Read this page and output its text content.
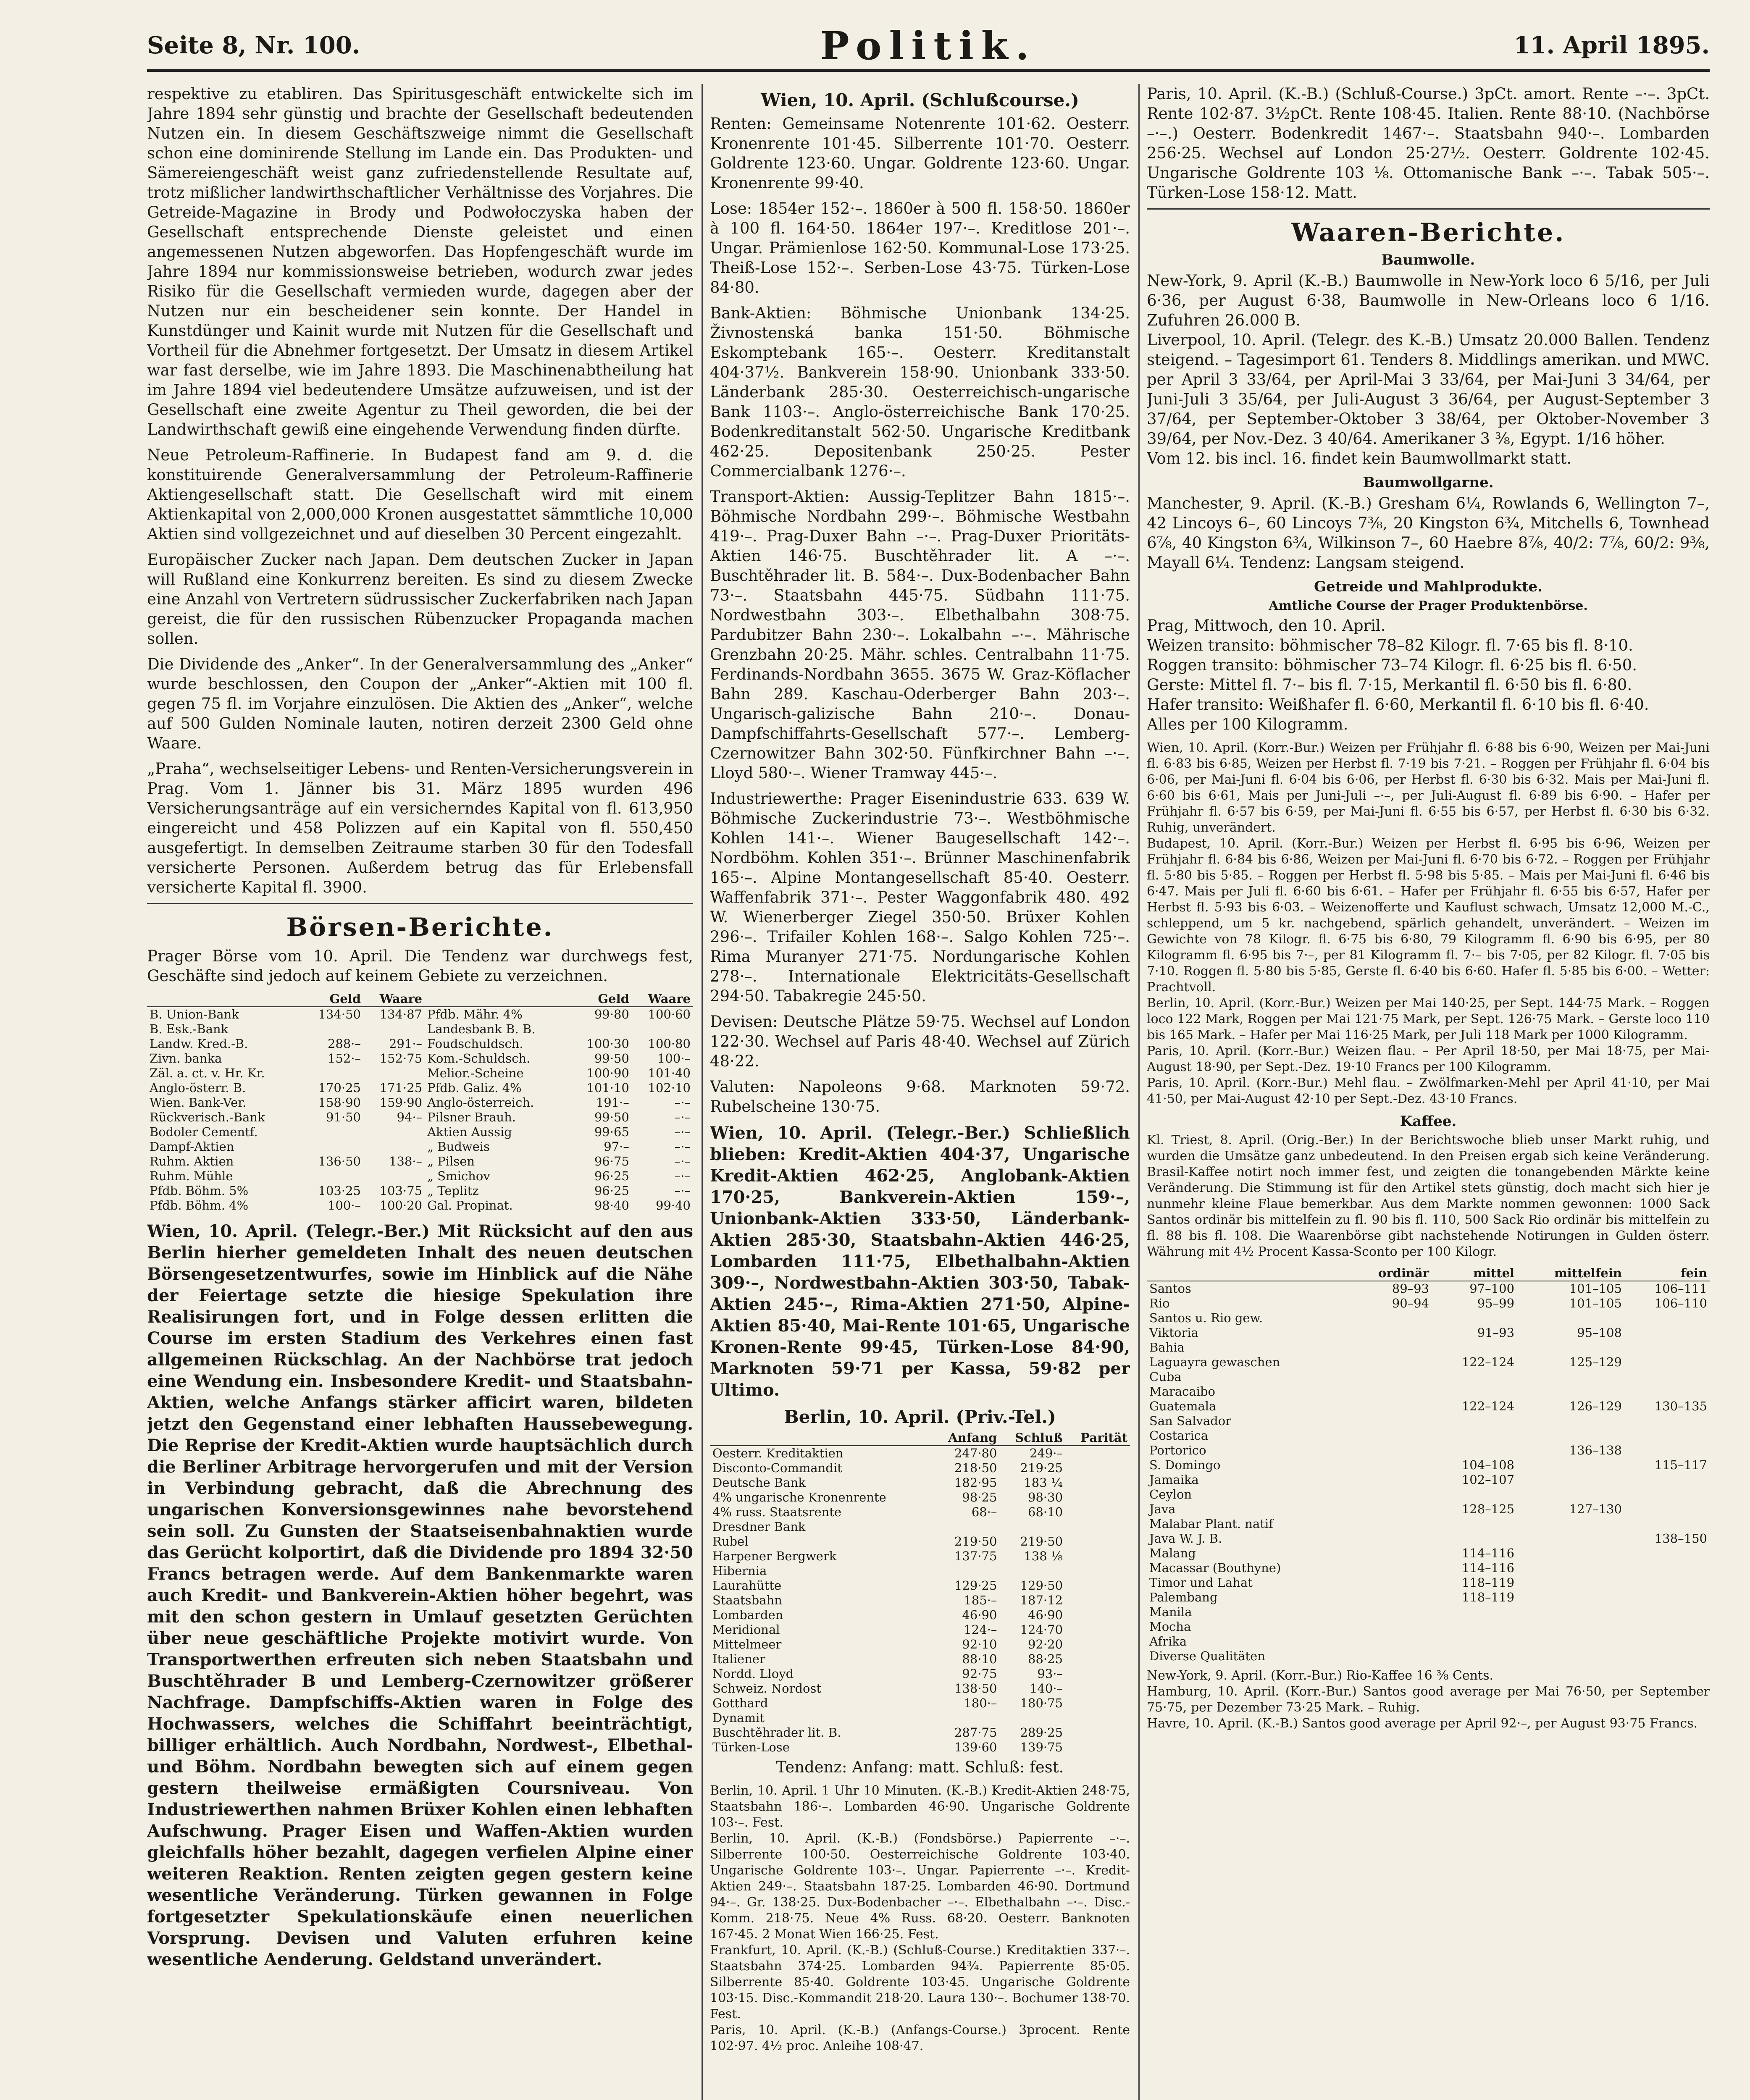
Seite 8, Nr. 100.	Politik.	11. April 1895.

respektive zu etabliren. Das Spiritusgeschäft entwickelte sich im Jahre 1894 sehr günstig und brachte der Gesellschaft bedeutenden Nutzen ein. In diesem Geschäftszweige nimmt die Gesellschaft schon eine dominirende Stellung im Lande ein. Das Produkten- und Sämereiengeschäft weist ganz zufriedenstellende Resultate auf, trotz mißlicher landwirthschaftlicher Verhältnisse des Vorjahres. Die Getreide-Magazine in Brody und Podwołoczyska haben der Gesellschaft entsprechende Dienste geleistet und einen angemessenen Nutzen abgeworfen. Das Hopfengeschäft wurde im Jahre 1894 nur kommissionsweise betrieben, wodurch zwar jedes Risiko für die Gesellschaft vermieden wurde, dagegen aber der Nutzen nur ein bescheidener sein konnte. Der Handel in Kunstdünger und Kainit wurde mit Nutzen für die Gesellschaft und Vortheil für die Abnehmer fortgesetzt. Der Umsatz in diesem Artikel war fast derselbe, wie im Jahre 1893. Die Maschinenabtheilung hat im Jahre 1894 viel bedeutendere Umsätze aufzuweisen, und ist der Gesellschaft eine zweite Agentur zu Theil geworden, die bei der Landwirthschaft gewiß eine eingehende Verwendung finden dürfte.

Neue Petroleum-Raffinerie. In Budapest fand am 9. d. die konstituirende Generalversammlung der Petroleum-Raffinerie Aktiengesellschaft statt. Die Gesellschaft wird mit einem Aktienkapital von 2,000,000 Kronen ausgestattet sämmtliche 10,000 Aktien sind vollgezeichnet und auf dieselben 30 Percent eingezahlt.

Europäischer Zucker nach Japan. Dem deutschen Zucker in Japan will Rußland eine Konkurrenz bereiten. Es sind zu diesem Zwecke eine Anzahl von Vertretern südrussischer Zuckerfabriken nach Japan gereist, die für den russischen Rübenzucker Propaganda machen sollen.

Die Dividende des „Anker“. In der Generalversammlung des „Anker“ wurde beschlossen, den Coupon der „Anker“-Aktien mit 100 fl. gegen 75 fl. im Vorjahre einzulösen. Die Aktien des „Anker“, welche auf 500 Gulden Nominale lauten, notiren derzeit 2300 Geld ohne Waare.

„Praha“, wechselseitiger Lebens- und Renten-Versicherungsverein in Prag. Vom 1. Jänner bis 31. März 1895 wurden 496 Versicherungsanträge auf ein versicherndes Kapital von fl. 613,950 eingereicht und 458 Polizzen auf ein Kapital von fl. 550,450 ausgefertigt. In demselben Zeitraume starben 30 für den Todesfall versicherte Personen. Außerdem betrug das für Erlebensfall versicherte Kapital fl. 3900.

Börsen-Berichte.

Prager Börse vom 10. April. Die Tendenz war durchwegs fest, Geschäfte sind jedoch auf keinem Gebiete zu verzeichnen.

	Geld	Waare		Geld	Waare
B. Union-Bank	134·50	134·87	Pfdb. Mähr. 4%	99·80	100·60
B. Esk.-Bank			Landesbank B. B.		
Landw. Kred.-B.	288·–	291·–	Foudschuldsch.	100·30	100·80
Zivn. banka	152·–	152·75	Kom.-Schuldsch.	99·50	100·–
Zäl. a. ct. v. Hr. Kr.			Melior.-Scheine	100·90	101·40
Anglo-österr. B.	170·25	171·25	Pfdb. Galiz. 4%	101·10	102·10
Wien. Bank-Ver.	158·90	159·90	Anglo-österreich.	191·–	–·–
Rückverisch.-Bank	91·50	94·–	Pilsner Brauh.	99·50	–·–
Bodoler Cementf.			Aktien Aussig	99·65	–·–
Dampf-Aktien			„ Budweis	97·–	–·–
Ruhm. Aktien	136·50	138·–	„ Pilsen	96·75	–·–
Ruhm. Mühle			„ Smichov	96·25	–·–
Pfdb. Böhm. 5%	103·25	103·75	„ Teplitz	96·25	–·–
Pfdb. Böhm. 4%	100·–	100·20	Gal. Propinat.	98·40	99·40

Wien, 10. April. (Telegr.-Ber.) Mit Rücksicht auf den aus Berlin hierher gemeldeten Inhalt des neuen deutschen Börsengesetzentwurfes, sowie im Hinblick auf die Nähe der Feiertage setzte die hiesige Spekulation ihre Realisirungen fort, und in Folge dessen erlitten die Course im ersten Stadium des Verkehres einen fast allgemeinen Rückschlag. An der Nachbörse trat jedoch eine Wendung ein. Insbesondere Kredit- und Staatsbahn-Aktien, welche Anfangs stärker afficirt waren, bildeten jetzt den Gegenstand einer lebhaften Haussebewegung. Die Reprise der Kredit-Aktien wurde hauptsächlich durch die Berliner Arbitrage hervorgerufen und mit der Version in Verbindung gebracht, daß die Abrechnung des ungarischen Konversionsgewinnes nahe bevorstehend sein soll. Zu Gunsten der Staatseisenbahnaktien wurde das Gerücht kolportirt, daß die Dividende pro 1894 32·50 Francs betragen werde. Auf dem Bankenmarkte waren auch Kredit- und Bankverein-Aktien höher begehrt, was mit den schon gestern in Umlauf gesetzten Gerüchten über neue geschäftliche Projekte motivirt wurde. Von Transportwerthen erfreuten sich neben Staatsbahn und Buschtěhrader B und Lemberg-Czernowitzer größerer Nachfrage. Dampfschiffs-Aktien waren in Folge des Hochwassers, welches die Schiffahrt beeinträchtigt, billiger erhältlich. Auch Nordbahn, Nordwest-, Elbethal- und Böhm. Nordbahn bewegten sich auf einem gegen gestern theilweise ermäßigten Coursniveau. Von Industriewerthen nahmen Brüxer Kohlen einen lebhaften Aufschwung. Prager Eisen und Waffen-Aktien wurden gleichfalls höher bezahlt, dagegen verfielen Alpine einer weiteren Reaktion. Renten zeigten gegen gestern keine wesentliche Veränderung. Türken gewannen in Folge fortgesetzter Spekulationskäufe einen neuerlichen Vorsprung. Devisen und Valuten erfuhren keine wesentliche Aenderung. Geldstand unverändert.

Wien, 10. April. (Schlußcourse.)

Renten: Gemeinsame Notenrente 101·62. Oesterr. Kronenrente 101·45. Silberrente 101·70. Oesterr. Goldrente 123·60. Ungar. Goldrente 123·60. Ungar. Kronenrente 99·40.

Lose: 1854er 152·–. 1860er à 500 fl. 158·50. 1860er à 100 fl. 164·50. 1864er 197·–. Kreditlose 201·–. Ungar. Prämienlose 162·50. Kommunal-Lose 173·25. Theiß-Lose 152·–. Serben-Lose 43·75. Türken-Lose 84·80.

Bank-Aktien: Böhmische Unionbank 134·25. Živnostenská banka 151·50. Böhmische Eskomptebank 165·–. Oesterr. Kreditanstalt 404·37½. Bankverein 158·90. Unionbank 333·50. Länderbank 285·30. Oesterreichisch-ungarische Bank 1103·–. Anglo-österreichische Bank 170·25. Bodenkreditanstalt 562·50. Ungarische Kreditbank 462·25. Depositenbank 250·25. Pester Commercialbank 1276·–.

Transport-Aktien: Aussig-Teplitzer Bahn 1815·–. Böhmische Nordbahn 299·–. Böhmische Westbahn 419·–. Prag-Duxer Bahn –·–. Prag-Duxer Prioritäts-Aktien 146·75. Buschtěhrader lit. A –·–. Buschtěhrader lit. B. 584·–. Dux-Bodenbacher Bahn 73·–. Staatsbahn 445·75. Südbahn 111·75. Nordwestbahn 303·–. Elbethalbahn 308·75. Pardubitzer Bahn 230·–. Lokalbahn –·–. Mährische Grenzbahn 20·25. Mähr. schles. Centralbahn 11·75. Ferdinands-Nordbahn 3655. 3675 W. Graz-Köflacher Bahn 289. Kaschau-Oderberger Bahn 203·–. Ungarisch-galizische Bahn 210·–. Donau-Dampfschiffahrts-Gesellschaft 577·–. Lemberg-Czernowitzer Bahn 302·50. Fünfkirchner Bahn –·–. Lloyd 580·–. Wiener Tramway 445·–.

Industriewerthe: Prager Eisenindustrie 633. 639 W. Böhmische Zuckerindustrie 73·–. Westböhmische Kohlen 141·–. Wiener Baugesellschaft 142·–. Nordböhm. Kohlen 351·–. Brünner Maschinenfabrik 165·–. Alpine Montangesellschaft 85·40. Oesterr. Waffenfabrik 371·–. Pester Waggonfabrik 480. 492 W. Wienerberger Ziegel 350·50. Brüxer Kohlen 296·–. Trifailer Kohlen 168·–. Salgo Kohlen 725·–. Rima Muranyer 271·75. Nordungarische Kohlen 278·–. Internationale Elektricitäts-Gesellschaft 294·50. Tabakregie 245·50.

Devisen: Deutsche Plätze 59·75. Wechsel auf London 122·30. Wechsel auf Paris 48·40. Wechsel auf Zürich 48·22.

Valuten: Napoleons 9·68. Marknoten 59·72. Rubelscheine 130·75.

Wien, 10. April. (Telegr.-Ber.) Schließlich blieben: Kredit-Aktien 404·37, Ungarische Kredit-Aktien 462·25, Anglobank-Aktien 170·25, Bankverein-Aktien 159·–, Unionbank-Aktien 333·50, Länderbank-Aktien 285·30, Staatsbahn-Aktien 446·25, Lombarden 111·75, Elbethalbahn-Aktien 309·–, Nordwestbahn-Aktien 303·50, Tabak-Aktien 245·–, Rima-Aktien 271·50, Alpine-Aktien 85·40, Mai-Rente 101·65, Ungarische Kronen-Rente 99·45, Türken-Lose 84·90, Marknoten 59·71 per Kassa, 59·82 per Ultimo.

Berlin, 10. April. (Priv.-Tel.)
	Anfang	Schluß	Parität
Oesterr. Kreditaktien	247·80	249·–	
Disconto-Commandit	218·50	219·25	
Deutsche Bank	182·95	183 ¼	
4% ungarische Kronenrente	98·25	98·30	
4% russ. Staatsrente	68·–	68·10	
Dresdner Bank			
Rubel	219·50	219·50	
Harpener Bergwerk	137·75	138 ⅛	
Hibernia			
Laurahütte	129·25	129·50	
Staatsbahn	185·–	187·12	
Lombarden	46·90	46·90	
Meridional	124·–	124·70	
Mittelmeer	92·10	92·20	
Italiener	88·10	88·25	
Nordd. Lloyd	92·75	93·–	
Schweiz. Nordost	138·50	140·–	
Gotthard	180·–	180·75	
Dynamit			
Buschtěhrader lit. B.	287·75	289·25	
Türken-Lose	139·60	139·75	

Tendenz: Anfang: matt. Schluß: fest.

Berlin, 10. April. 1 Uhr 10 Minuten. (K.-B.) Kredit-Aktien 248·75, Staatsbahn 186·–. Lombarden 46·90. Ungarische Goldrente 103·–. Fest.
Berlin, 10. April. (K.-B.) (Fondsbörse.) Papierrente –·–. Silberrente 100·50. Oesterreichische Goldrente 103·40. Ungarische Goldrente 103·–. Ungar. Papierrente –·–. Kredit-Aktien 249·–. Staatsbahn 187·25. Lombarden 46·90. Dortmund 94·–. Gr. 138·25. Dux-Bodenbacher –·–. Elbethalbahn –·–. Disc.-Komm. 218·75. Neue 4% Russ. 68·20. Oesterr. Banknoten 167·45. 2 Monat Wien 166·25. Fest.
Frankfurt, 10. April. (K.-B.) (Schluß-Course.) Kreditaktien 337·–. Staatsbahn 374·25. Lombarden 94¾. Papierrente 85·05. Silberrente 85·40. Goldrente 103·45. Ungarische Goldrente 103·15. Disc.-Kommandit 218·20. Laura 130·–. Bochumer 138·70. Fest.
Paris, 10. April. (K.-B.) (Anfangs-Course.) 3procent. Rente 102·97. 4½ proc. Anleihe 108·47.

Paris, 10. April. (K.-B.) (Schluß-Course.) 3pCt. amort. Rente –·–. 3pCt. Rente 102·87. 3½pCt. Rente 108·45. Italien. Rente 88·10. (Nachbörse –·–.) Oesterr. Bodenkredit 1467·–. Staatsbahn 940·–. Lombarden 256·25. Wechsel auf London 25·27½. Oesterr. Goldrente 102·45. Ungarische Goldrente 103 ⅛. Ottomanische Bank –·–. Tabak 505·–. Türken-Lose 158·12. Matt.

Waaren-Berichte.
Baumwolle.

New-York, 9. April (K.-B.) Baumwolle in New-York loco 6 5/16, per Juli 6·36, per August 6·38, Baumwolle in New-Orleans loco 6 1/16. Zufuhren 26.000 B.
Liverpool, 10. April. (Telegr. des K.-B.) Umsatz 20.000 Ballen. Tendenz steigend. – Tagesimport 61. Tenders 8. Middlings amerikan. und MWC. per April 3 33/64, per April-Mai 3 33/64, per Mai-Juni 3 34/64, per Juni-Juli 3 35/64, per Juli-August 3 36/64, per August-September 3 37/64, per September-Oktober 3 38/64, per Oktober-November 3 39/64, per Nov.-Dez. 3 40/64. Amerikaner 3 ⅜, Egypt. 1/16 höher.
Vom 12. bis incl. 16. findet kein Baumwollmarkt statt.

Baumwollgarne.

Manchester, 9. April. (K.-B.) Gresham 6¼, Rowlands 6, Wellington 7–, 42 Lincoys 6–, 60 Lincoys 7⅜, 20 Kingston 6¾, Mitchells 6, Townhead 6⅞, 40 Kingston 6¾, Wilkinson 7–, 60 Haebre 8⅞, 40/2: 7⅞, 60/2: 9⅜, Mayall 6¼. Tendenz: Langsam steigend.

Getreide und Mahlprodukte.
Amtliche Course der Prager Produktenbörse.

Prag, Mittwoch, den 10. April.
Weizen transito: böhmischer 78–82 Kilogr. fl. 7·65 bis fl. 8·10.
Roggen transito: böhmischer 73–74 Kilogr. fl. 6·25 bis fl. 6·50.
Gerste: Mittel fl. 7·– bis fl. 7·15, Merkantil fl. 6·50 bis fl. 6·80.
Hafer transito: Weißhafer fl. 6·60, Merkantil fl. 6·10 bis fl. 6·40.
Alles per 100 Kilogramm.

Wien, 10. April. (Korr.-Bur.) Weizen per Frühjahr fl. 6·88 bis 6·90, Weizen per Mai-Juni fl. 6·83 bis 6·85, Weizen per Herbst fl. 7·19 bis 7·21. – Roggen per Frühjahr fl. 6·04 bis 6·06, per Mai-Juni fl. 6·04 bis 6·06, per Herbst fl. 6·30 bis 6·32. Mais per Mai-Juni fl. 6·60 bis 6·61, Mais per Juni-Juli –·–, per Juli-August fl. 6·89 bis 6·90. – Hafer per Frühjahr fl. 6·57 bis 6·59, per Mai-Juni fl. 6·55 bis 6·57, per Herbst fl. 6·30 bis 6·32. Ruhig, unverändert.
Budapest, 10. April. (Korr.-Bur.) Weizen per Herbst fl. 6·95 bis 6·96, Weizen per Frühjahr fl. 6·84 bis 6·86, Weizen per Mai-Juni fl. 6·70 bis 6·72. – Roggen per Frühjahr fl. 5·80 bis 5·85. – Roggen per Herbst fl. 5·98 bis 5·85. – Mais per Mai-Juni fl. 6·46 bis 6·47. Mais per Juli fl. 6·60 bis 6·61. – Hafer per Frühjahr fl. 6·55 bis 6·57, Hafer per Herbst fl. 5·93 bis 6·03. – Weizenofferte und Kauflust schwach, Umsatz 12,000 M.-C., schleppend, um 5 kr. nachgebend, spärlich gehandelt, unverändert. – Weizen im Gewichte von 78 Kilogr. fl. 6·75 bis 6·80, 79 Kilogramm fl. 6·90 bis 6·95, per 80 Kilogramm fl. 6·95 bis 7·–, per 81 Kilogramm fl. 7·– bis 7·05, per 82 Kilogr. fl. 7·05 bis 7·10. Roggen fl. 5·80 bis 5·85, Gerste fl. 6·40 bis 6·60. Hafer fl. 5·85 bis 6·00. – Wetter: Prachtvoll.
Berlin, 10. April. (Korr.-Bur.) Weizen per Mai 140·25, per Sept. 144·75 Mark. – Roggen loco 122 Mark, Roggen per Mai 121·75 Mark, per Sept. 126·75 Mark. – Gerste loco 110 bis 165 Mark. – Hafer per Mai 116·25 Mark, per Juli 118 Mark per 1000 Kilogramm.
Paris, 10. April. (Korr.-Bur.) Weizen flau. – Per April 18·50, per Mai 18·75, per Mai-August 18·90, per Sept.-Dez. 19·10 Francs per 100 Kilogramm.
Paris, 10. April. (Korr.-Bur.) Mehl flau. – Zwölfmarken-Mehl per April 41·10, per Mai 41·50, per Mai-August 42·10 per Sept.-Dez. 43·10 Francs.

Kaffee.

Kl. Triest, 8. April. (Orig.-Ber.) In der Berichtswoche blieb unser Markt ruhig, und wurden die Umsätze ganz unbedeutend. In den Preisen ergab sich keine Veränderung. Brasil-Kaffee notirt noch immer fest, und zeigten die tonangebenden Märkte keine Veränderung. Die Stimmung ist für den Artikel stets günstig, doch macht sich hier je nunmehr kleine Flaue bemerkbar. Aus dem Markte nommen gewonnen: 1000 Sack Santos ordinär bis mittelfein zu fl. 90 bis fl. 110, 500 Sack Rio ordinär bis mittelfein zu fl. 88 bis fl. 108. Die Waarenbörse gibt nachstehende Notirungen in Gulden österr. Währung mit 4½ Procent Kassa-Sconto per 100 Kilogr.

	ordinär	mittel	mittelfein	fein
Santos	89–93	97–100	101–105	106–111
Rio	90–94	95–99	101–105	106–110
Santos u. Rio gew.				
Viktoria		91–93	95–108	
Bahia				
Laguayra gewaschen		122–124	125–129	
Cuba				
Maracaibo				
Guatemala		122–124	126–129	130–135
San Salvador				
Costarica				
Portorico			136–138	
S. Domingo		104–108		115–117
Jamaika		102–107		
Ceylon				
Java		128–125	127–130	
Malabar Plant. natif				
Java W. J. B.				138–150
Malang		114–116		
Macassar (Bouthyne)		114–116		
Timor und Lahat		118–119		
Palembang		118–119		
Manila				
Mocha				
Afrika				
Diverse Qualitäten				

New-York, 9. April. (Korr.-Bur.) Rio-Kaffee 16 ⅜ Cents.
Hamburg, 10. April. (Korr.-Bur.) Santos good average per Mai 76·50, per September 75·75, per Dezember 73·25 Mark. – Ruhig.
Havre, 10. April. (K.-B.) Santos good average per April 92·–, per August 93·75 Francs.
